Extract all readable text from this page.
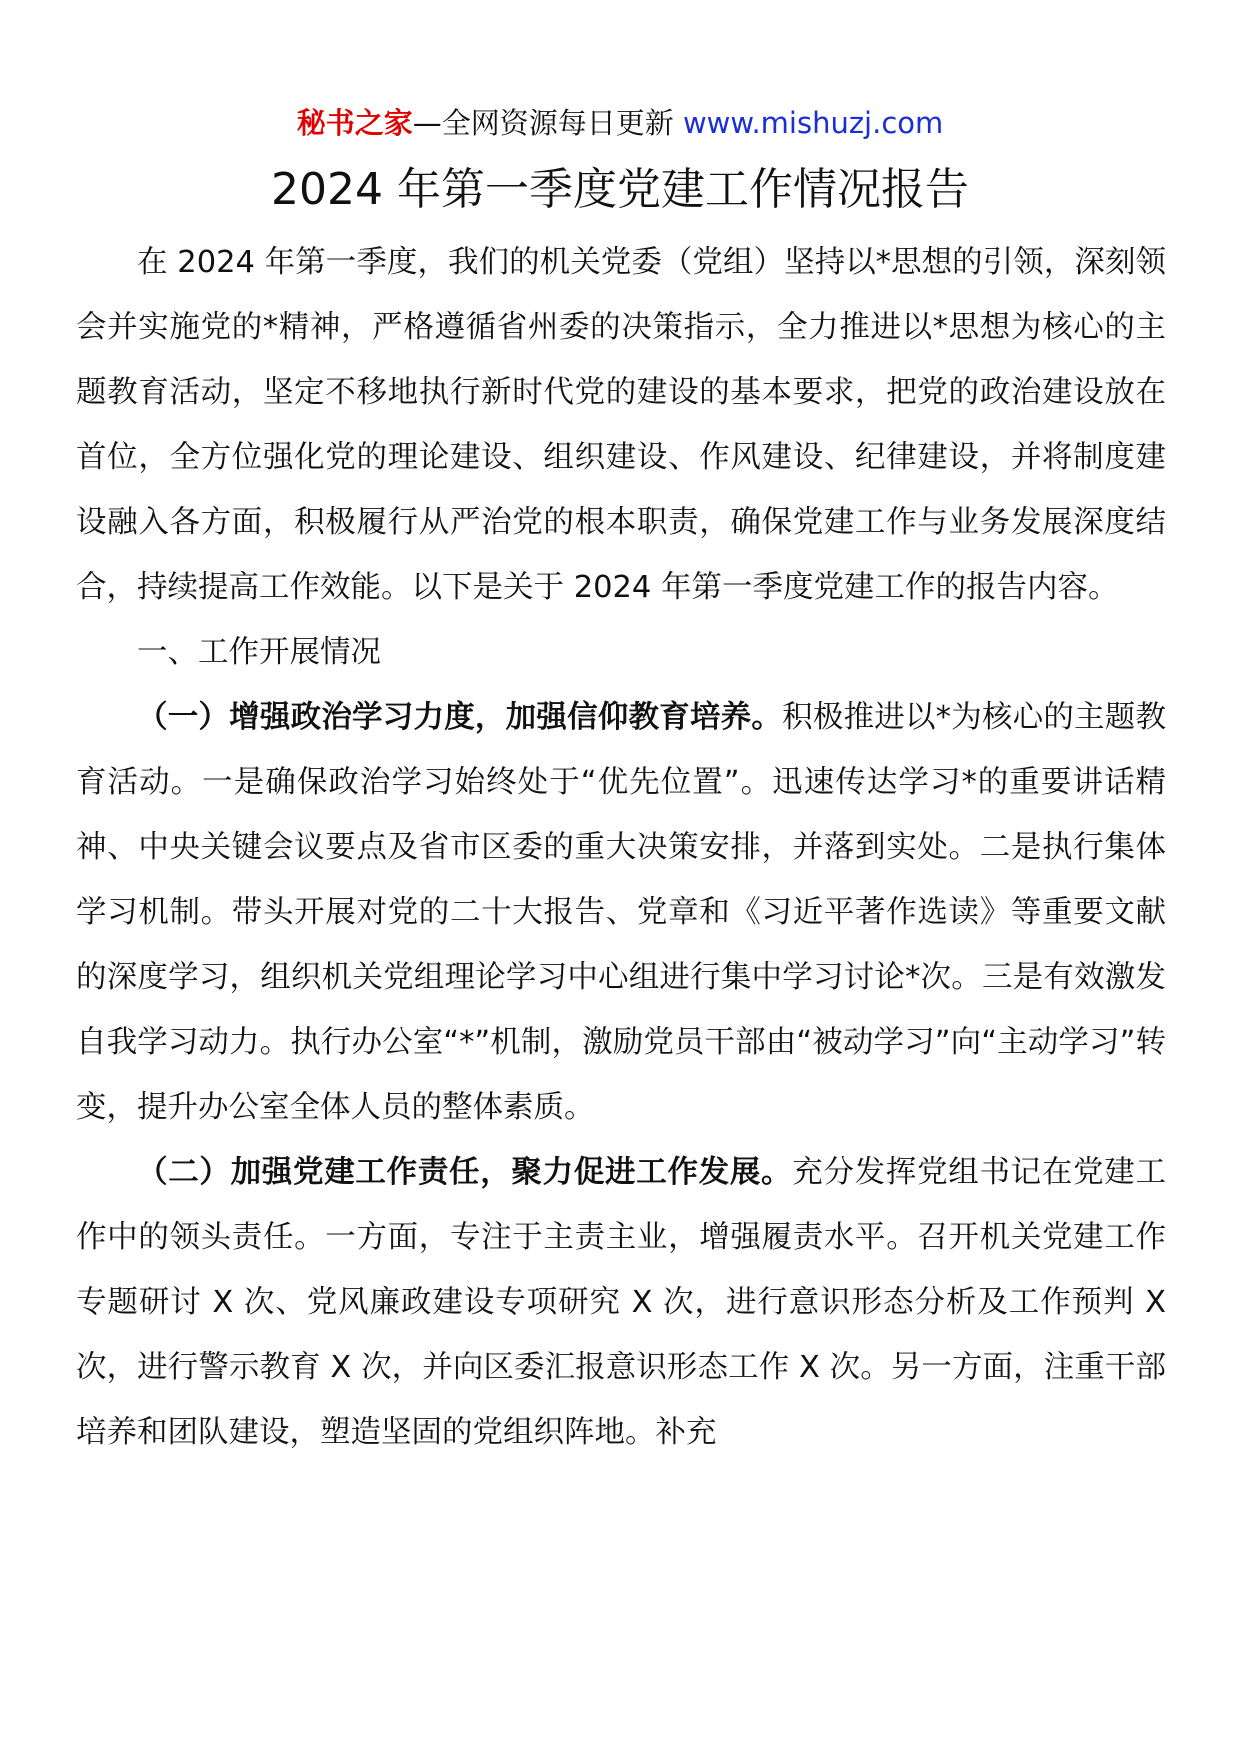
秘书之家—全网资源每日更新 www.mishuzj.com
2024 年第一季度党建工作情况报告

在 2024 年第一季度，我们的机关党委（党组）坚持以*思想的引领，深刻领会并实施党的*精神，严格遵循省州委的决策指示，全力推进以*思想为核心的主题教育活动，坚定不移地执行新时代党的建设的基本要求，把党的政治建设放在首位，全方位强化党的理论建设、组织建设、作风建设、纪律建设，并将制度建设融入各方面，积极履行从严治党的根本职责，确保党建工作与业务发展深度结合，持续提高工作效能。以下是关于 2024 年第一季度党建工作的报告内容。

一、工作开展情况

（一）增强政治学习力度，加强信仰教育培养。积极推进以*为核心的主题教育活动。一是确保政治学习始终处于“优先位置”。迅速传达学习*的重要讲话精神、中央关键会议要点及省市区委的重大决策安排，并落到实处。二是执行集体学习机制。带头开展对党的二十大报告、党章和《习近平著作选读》等重要文献的深度学习，组织机关党组理论学习中心组进行集中学习讨论*次。三是有效激发自我学习动力。执行办公室“*”机制，激励党员干部由“被动学习”向“主动学习”转变，提升办公室全体人员的整体素质。

（二）加强党建工作责任，聚力促进工作发展。充分发挥党组书记在党建工作中的领头责任。一方面，专注于主责主业，增强履责水平。召开机关党建工作专题研讨 X 次、党风廉政建设专项研究 X 次，进行意识形态分析及工作预判 X 次，进行警示教育 X 次，并向区委汇报意识形态工作 X 次。另一方面，注重干部培养和团队建设，塑造坚固的党组织阵地。补充
